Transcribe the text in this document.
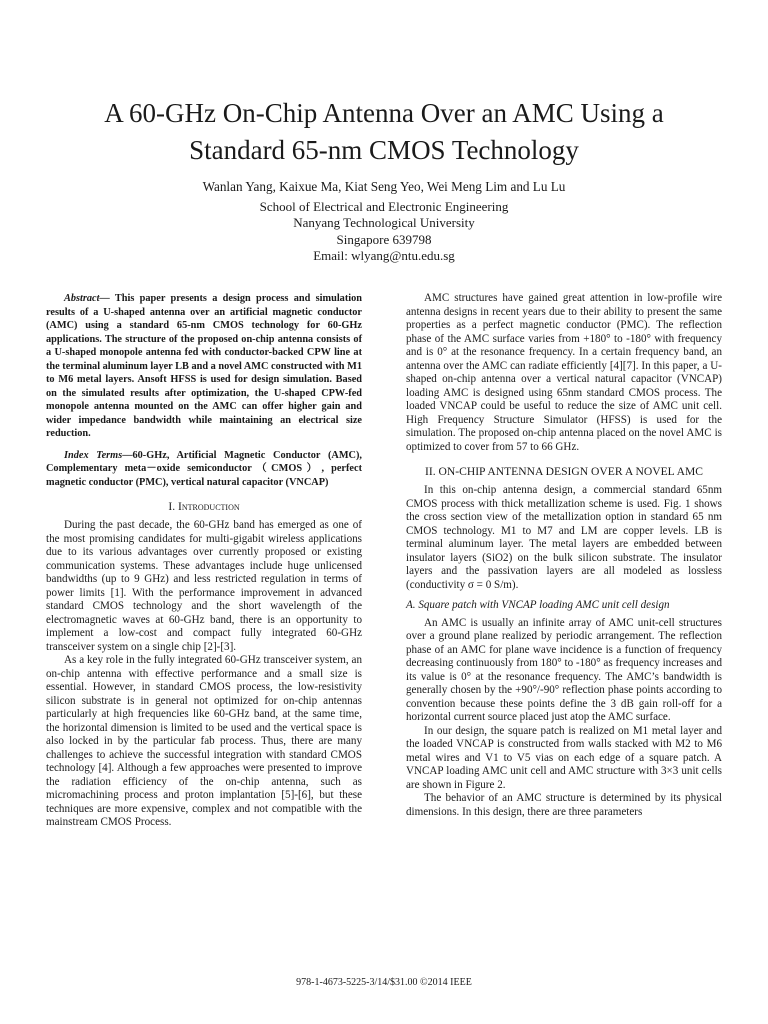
A 60-GHz On-Chip Antenna Over an AMC Using a
Standard 65-nm CMOS Technology

Wanlan Yang, Kaixue Ma, Kiat Seng Yeo, Wei Meng Lim and Lu Lu

School of Electrical and Electronic Engineering
Nanyang Technological University
Singapore 639798
Email: wlyang@ntu.edu.sg

Abstract— This paper presents a design process and simulation results of a U-shaped antenna over an artificial magnetic conductor (AMC) using a standard 65-nm CMOS technology for 60-GHz applications. The structure of the proposed on-chip antenna consists of a U-shaped monopole antenna fed with conductor-backed CPW line at the terminal aluminum layer LB and a novel AMC constructed with M1 to M6 metal layers. Ansoft HFSS is used for design simulation. Based on the simulated results after optimization, the U-shaped CPW-fed monopole antenna mounted on the AMC can offer higher gain and wider impedance bandwidth while maintaining an electrical size reduction.

Index Terms—60-GHz, Artificial Magnetic Conductor (AMC), Complementary meta－oxide semiconductor（CMOS）, perfect magnetic conductor (PMC), vertical natural capacitor (VNCAP)

I. Introduction

During the past decade, the 60-GHz band has emerged as one of the most promising candidates for multi-gigabit wireless applications due to its various advantages over currently proposed or existing communication systems. These advantages include huge unlicensed bandwidths (up to 9 GHz) and less restricted regulation in terms of power limits [1]. With the performance improvement in advanced standard CMOS technology and the short wavelength of the electromagnetic waves at 60-GHz band, there is an opportunity to implement a low-cost and compact fully integrated 60-GHz transceiver system on a single chip [2]-[3].

As a key role in the fully integrated 60-GHz transceiver system, an on-chip antenna with effective performance and a small size is essential. However, in standard CMOS process, the low-resistivity silicon substrate is in general not optimized for on-chip antennas particularly at high frequencies like 60-GHz band, at the same time, the horizontal dimension is limited to be used and the vertical space is also locked in by the particular fab process. Thus, there are many challenges to achieve the successful integration with standard CMOS technology [4]. Although a few approaches were presented to improve the radiation efficiency of the on-chip antenna, such as micromachining process and proton implantation [5]-[6], but these techniques are more expensive, complex and not compatible with the mainstream CMOS Process.

AMC structures have gained great attention in low-profile wire antenna designs in recent years due to their ability to present the same properties as a perfect magnetic conductor (PMC). The reflection phase of the AMC surface varies from +180° to -180° with frequency and is 0° at the resonance frequency. In a certain frequency band, an antenna over the AMC can radiate efficiently [4][7]. In this paper, a U-shaped on-chip antenna over a vertical natural capacitor (VNCAP) loading AMC is designed using 65nm standard CMOS process. The loaded VNCAP could be useful to reduce the size of AMC unit cell. High Frequency Structure Simulator (HFSS) is used for the simulation. The proposed on-chip antenna placed on the novel AMC is optimized to cover from 57 to 66 GHz.

II. ON-CHIP ANTENNA DESIGN OVER A NOVEL AMC

In this on-chip antenna design, a commercial standard 65nm CMOS process with thick metallization scheme is used. Fig. 1 shows the cross section view of the metallization option in standard 65 nm CMOS technology. M1 to M7 and LM are copper levels. LB is terminal aluminum layer. The metal layers are embedded between insulator layers (SiO2) on the bulk silicon substrate. The insulator layers and the passivation layers are all modeled as lossless (conductivity σ = 0 S/m).

A. Square patch with VNCAP loading AMC unit cell design

An AMC is usually an infinite array of AMC unit-cell structures over a ground plane realized by periodic arrangement. The reflection phase of an AMC for plane wave incidence is a function of frequency decreasing continuously from 180° to -180° as frequency increases and its value is 0° at the resonance frequency. The AMC’s bandwidth is generally chosen by the +90°/-90° reflection phase points according to convention because these points define the 3 dB gain roll-off for a horizontal current source placed just atop the AMC surface.

In our design, the square patch is realized on M1 metal layer and the loaded VNCAP is constructed from walls stacked with M2 to M6 metal wires and V1 to V5 vias on each edge of a square patch. A VNCAP loading AMC unit cell and AMC structure with 3×3 unit cells are shown in Figure 2.

The behavior of an AMC structure is determined by its physical dimensions. In this design, there are three parameters

978-1-4673-5225-3/14/$31.00 ©2014 IEEE
